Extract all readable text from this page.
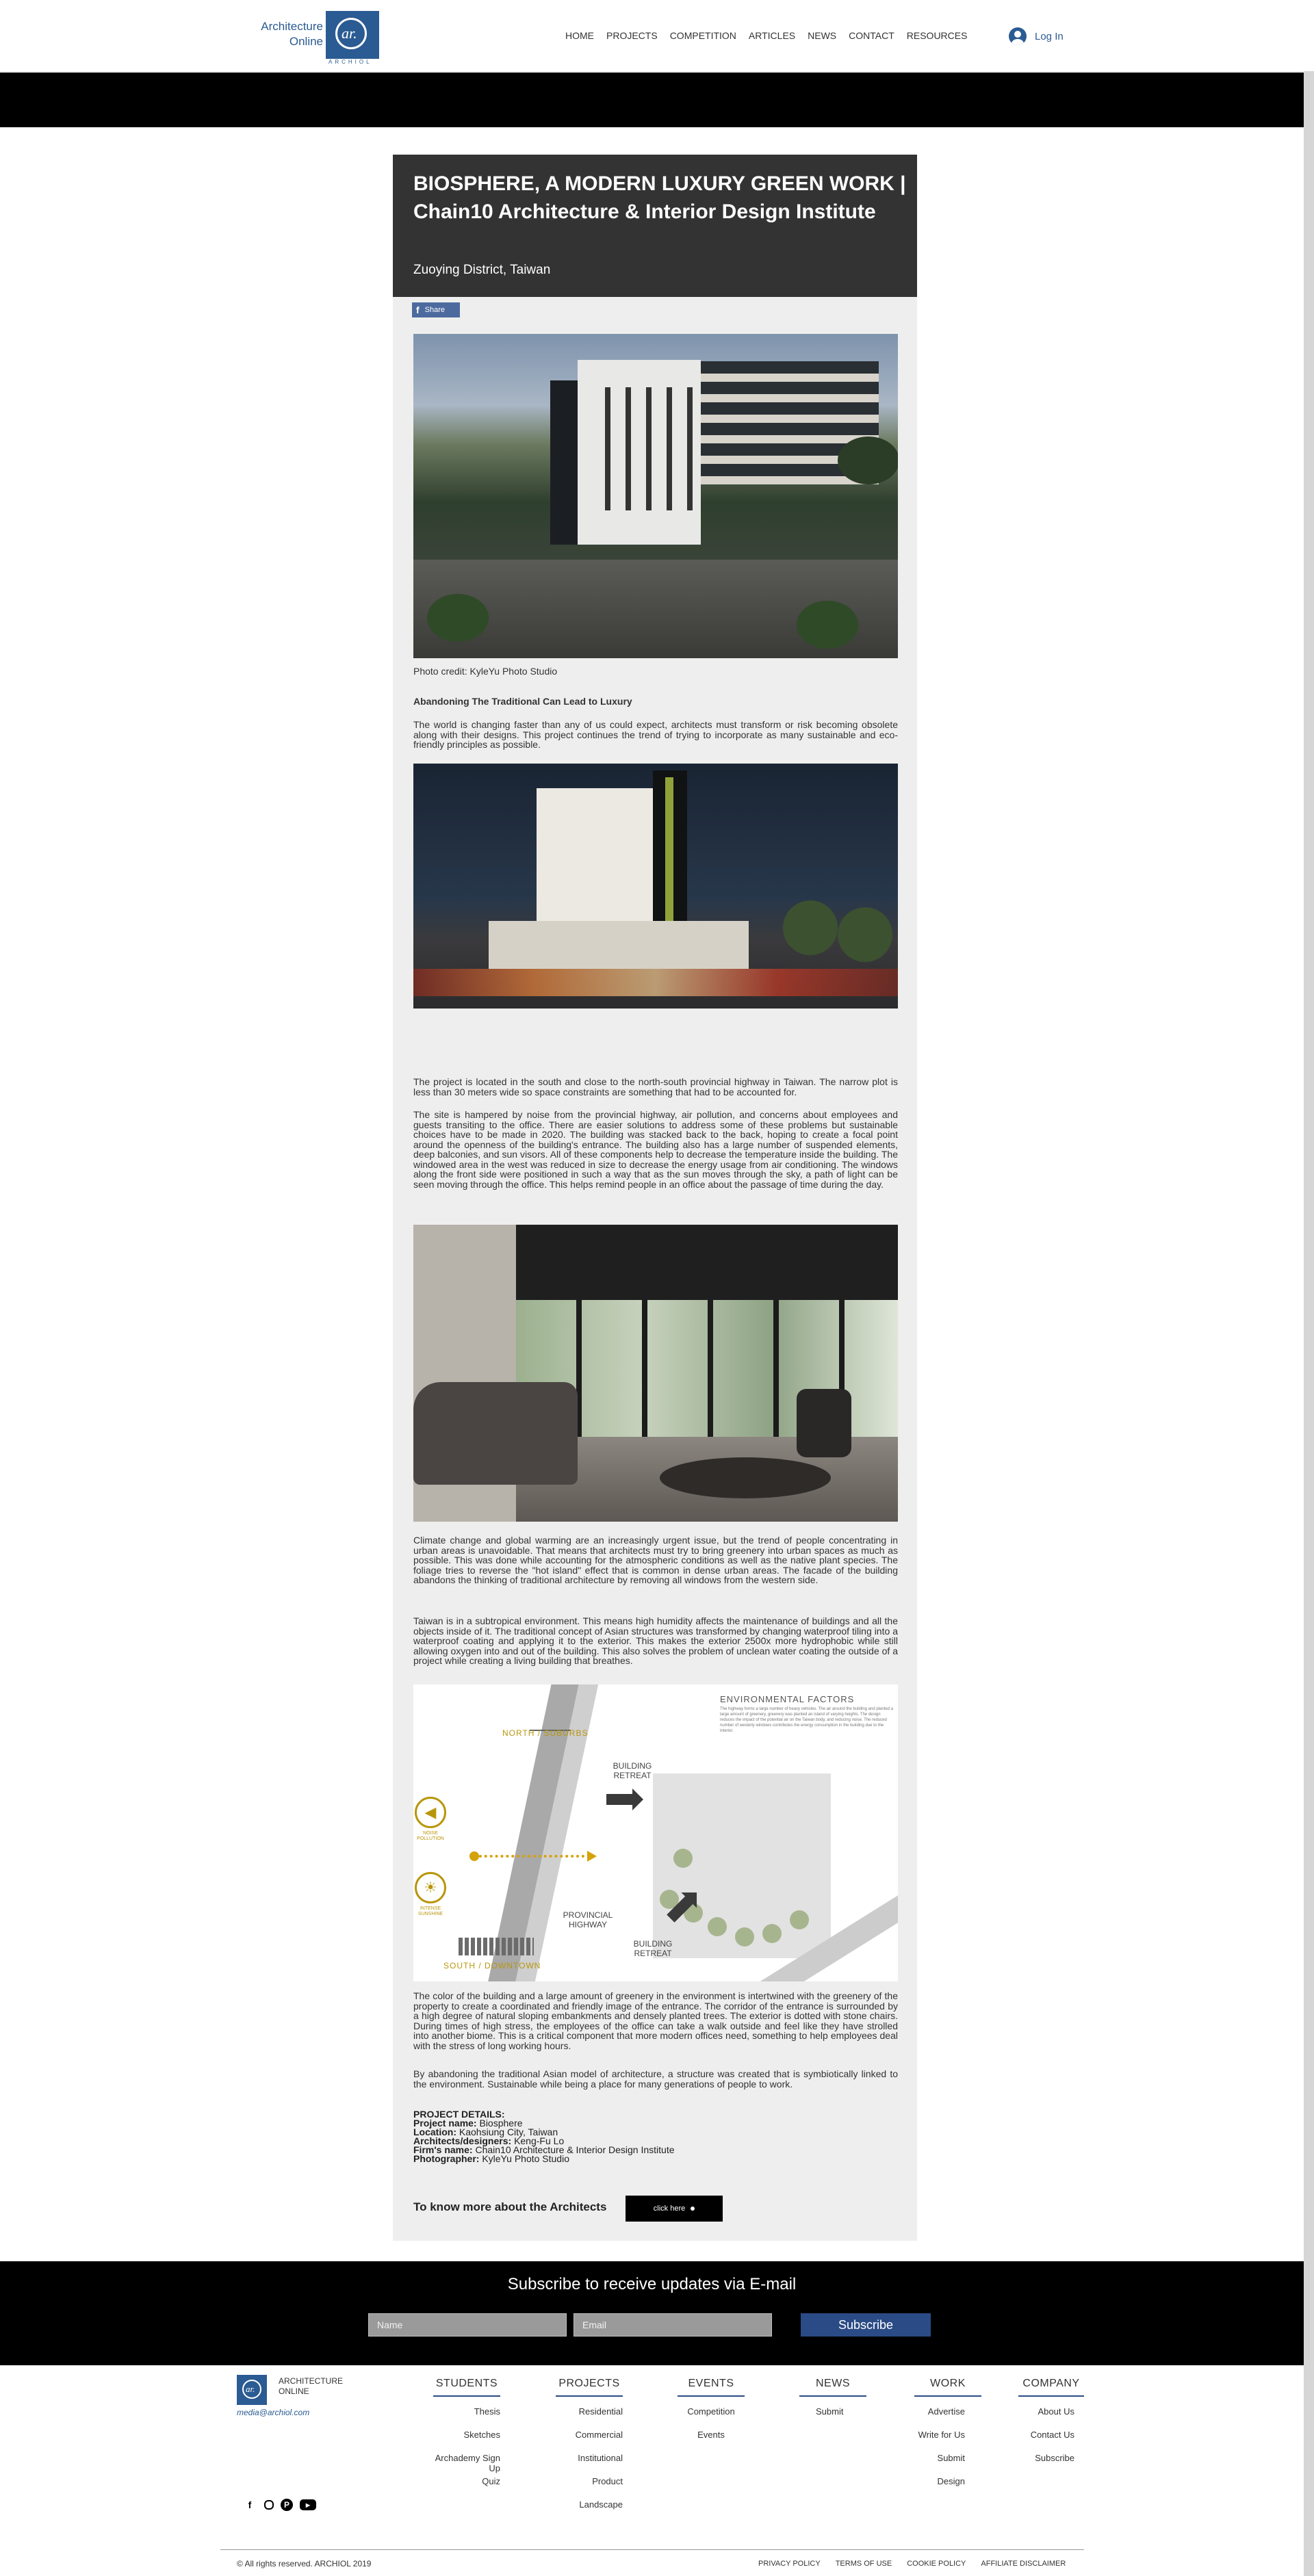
Architecture
Online ar.
ARCHIOL
HOME PROJECTS COMPETITION ARTICLES NEWS CONTACT RESOURCES	Log In
BIOSPHERE, A MODERN LUXURY GREEN WORK | Chain10 Architecture & Interior Design Institute
Zuoying District, Taiwan
f Share
Photo credit: KyleYu Photo Studio
Abandoning The Traditional Can Lead to Luxury

The world is changing faster than any of us could expect, architects must transform or risk becoming obsolete along with their designs. This project continues the trend of trying to incorporate as many sustainable and eco-friendly principles as possible.

The project is located in the south and close to the north-south provincial highway in Taiwan. The narrow plot is less than 30 meters wide so space constraints are something that had to be accounted for.

The site is hampered by noise from the provincial highway, air pollution, and concerns about employees and guests transiting to the office. There are easier solutions to address some of these problems but sustainable choices have to be made in 2020. The building was stacked back to the back, hoping to create a focal point around the openness of the building's entrance. The building also has a large number of suspended elements, deep balconies, and sun visors. All of these components help to decrease the temperature inside the building. The windowed area in the west was reduced in size to decrease the energy usage from air conditioning. The windows along the front side were positioned in such a way that as the sun moves through the sky, a path of light can be seen moving through the office. This helps remind people in an office about the passage of time during the day.

Climate change and global warming are an increasingly urgent issue, but the trend of people concentrating in urban areas is unavoidable. That means that architects must try to bring greenery into urban spaces as much as possible. This was done while accounting for the atmospheric conditions as well as the native plant species. The foliage tries to reverse the "hot island" effect that is common in dense urban areas. The facade of the building abandons the thinking of traditional architecture by removing all windows from the western side.

Taiwan is in a subtropical environment. This means high humidity affects the maintenance of buildings and all the objects inside of it. The traditional concept of Asian structures was transformed by changing waterproof tiling into a waterproof coating and applying it to the exterior. This makes the exterior 2500x more hydrophobic while still allowing oxygen into and out of the building. This also solves the problem of unclean water coating the outside of a project while creating a living building that breathes.

ENVIRONMENTAL FACTORS
The highway forms a large number of heavy vehicles. The air around the building and planted a large amount of greenery, greenery was planted an island of varying heights. The design reduces the impact of the potential air on the Taiwan body, and reducing noise. The reduced number of westerly windows contributes the energy consumption in the building due to the interior.
NORTH / SUBURBS
SOUTH / DOWNTOWN
BUILDING RETREAT
BUILDING RETREAT
PROVINCIAL HIGHWAY
◀
NOISE POLLUTION
☀
INTENSE SUNSHINE

The color of the building and a large amount of greenery in the environment is intertwined with the greenery of the property to create a coordinated and friendly image of the entrance. The corridor of the entrance is surrounded by a high degree of natural sloping embankments and densely planted trees. The exterior is dotted with stone chairs. During times of high stress, the employees of the office can take a walk outside and feel like they have strolled into another biome. This is a critical component that more modern offices need, something to help employees deal with the stress of long working hours.

By abandoning the traditional Asian model of architecture, a structure was created that is symbiotically linked to the environment. Sustainable while being a place for many generations of people to work.

PROJECT DETAILS:
Project name: Biosphere
Location: Kaohsiung City, Taiwan
Architects/designers: Keng-Fu Lo
Firm's name: Chain10 Architecture & Interior Design Institute
Photographer: KyleYu Photo Studio
To know more about the Architects	click here
Subscribe to receive updates via E-mail
Name
Email
Subscribe
ar.
ARCHITECTURE
ONLINE
media@archiol.com
f	P	▶
STUDENTS
Thesis
Sketches
Archademy Sign Up
Quiz
PROJECTS
Residential
Commercial
Institutional
Product
Landscape
EVENTS
Competition
Events
NEWS
Submit
WORK
Advertise
Write for Us
Submit
Design
COMPANY
About Us
Contact Us
Subscribe
© All rights reserved. ARCHIOL 2019	PRIVACY POLICY TERMS OF USE COOKIE POLICY AFFILIATE DISCLAIMER
